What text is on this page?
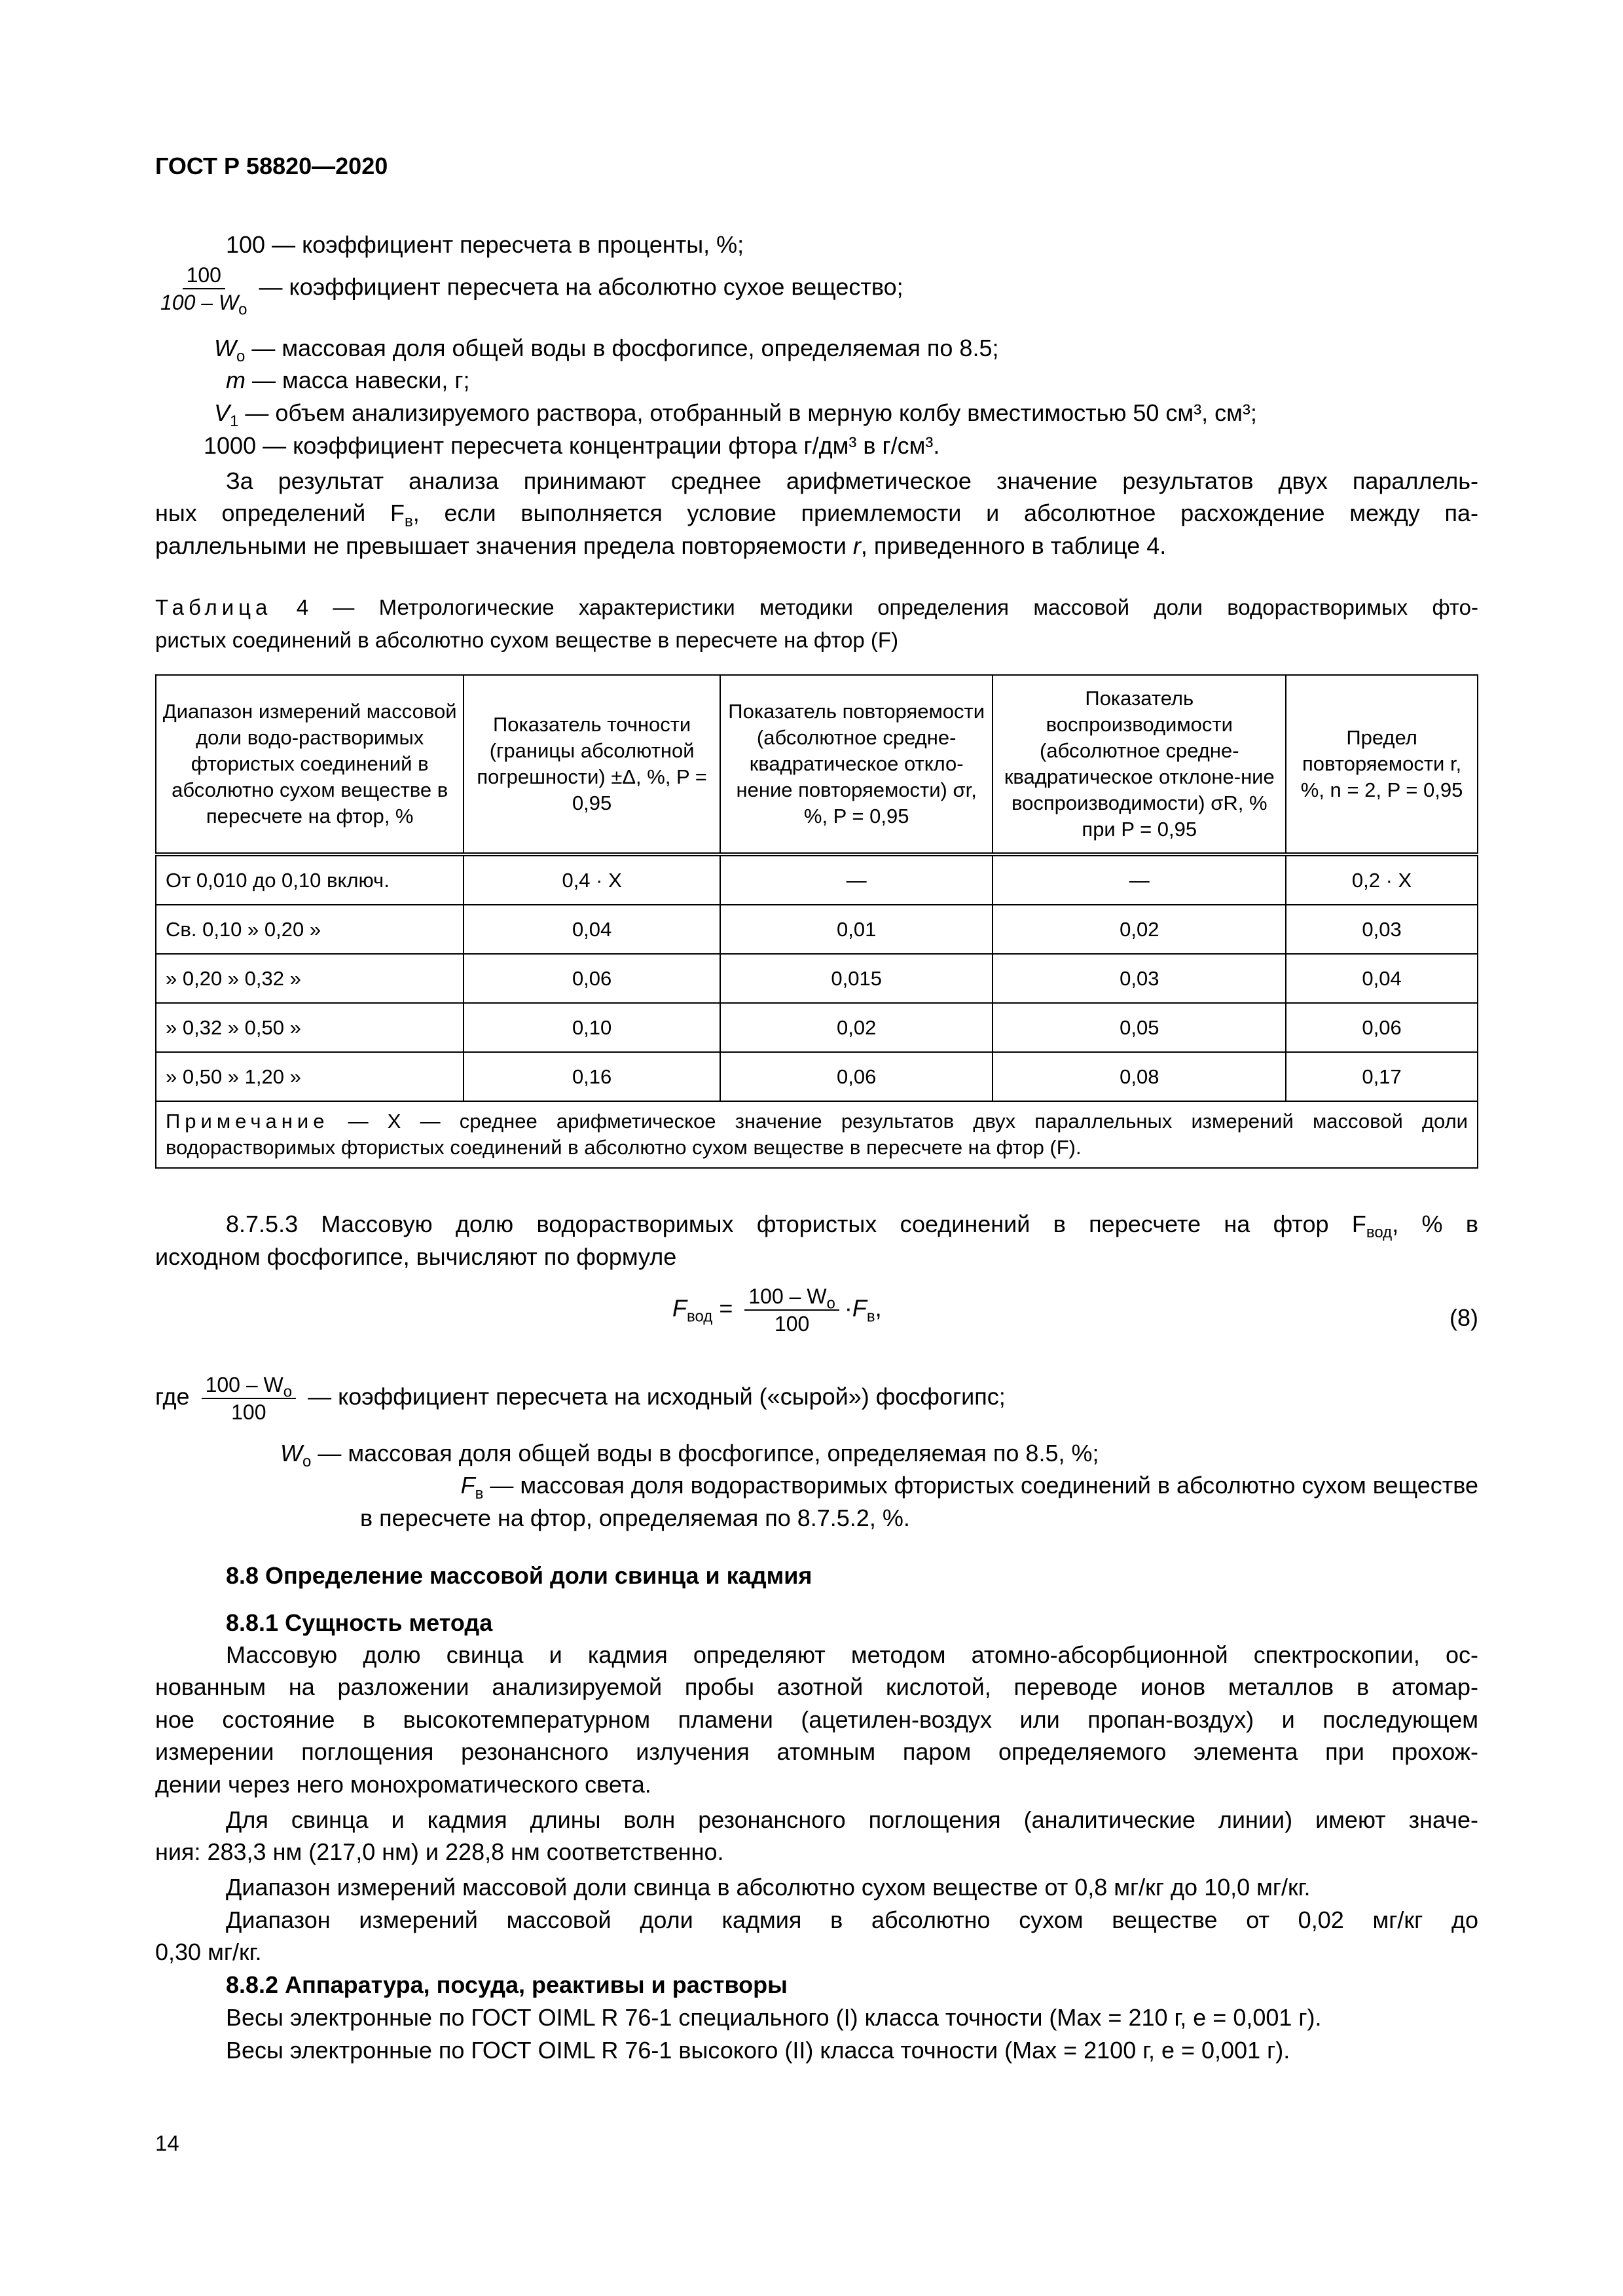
ГОСТ Р 58820—2020
100 — коэффициент пересчета в проценты, %;
$\frac{100}{100 - W_о}$ — коэффициент пересчета на абсолютно сухое вещество;
$W_о$ — массовая доля общей воды в фосфогипсе, определяемая по 8.5;
m — масса навески, г;
$V_1$ — объем анализируемого раствора, отобранный в мерную колбу вместимостью 50 см³, см³;
1000 — коэффициент пересчета концентрации фтора г/дм³ в г/см³.
За результат анализа принимают среднее арифметическое значение результатов двух параллель-
ных определений $F_в$, если выполняется условие приемлемости и абсолютное расхождение между па-
раллельными не превышает значения предела повторяемости r, приведенного в таблице 4.
Таблица 4 — Метрологические характеристики методики определения массовой доли водорастворимых фто-
ристых соединений в абсолютно сухом веществе в пересчете на фтор (F)
Диапазон измерений массовой доли водо-растворимых фтористых соединений в абсолютно сухом веществе в пересчете на фтор, %	Показатель точности (границы абсолютной погрешности) ±Δ, %, P = 0,95	Показатель повторяемости (абсолютное средне-квадратическое откло-нение повторяемости) σr, %, P = 0,95	Показатель воспроизводимости (абсолютное средне-квадратическое отклоне-ние воспроизводимости) σR, % при P = 0,95	Предел повторяемости r, %, n = 2, P = 0,95
От 0,010 до 0,10 включ.	0,4 · X	—	—	0,2 · X
Св. 0,10 » 0,20 »	0,04	0,01	0,02	0,03
» 0,20 » 0,32 »	0,06	0,015	0,03	0,04
» 0,32 » 0,50 »	0,10	0,02	0,05	0,06
» 0,50 » 1,20 »	0,16	0,06	0,08	0,17
Примечание — X — среднее арифметическое значение результатов двух параллельных измерений массовой доли водорастворимых фтористых соединений в абсолютно сухом веществе в пересчете на фтор (F).				
8.7.5.3 Массовую долю водорастворимых фтористых соединений в пересчете на фтор $F_{вод}$, % в
исходном фосфогипсе, вычисляют по формуле
$F_{вод} = \frac{100 - W_о}{100} \cdot F_в$,	(8)
где $\frac{100 - W_о}{100}$ — коэффициент пересчета на исходный («сырой») фосфогипс;
$W_о$ — массовая доля общей воды в фосфогипсе, определяемая по 8.5, %;
$F_в$ — массовая доля водорастворимых фтористых соединений в абсолютно сухом веществе
в пересчете на фтор, определяемая по 8.7.5.2, %.
8.8 Определение массовой доли свинца и кадмия
8.8.1 Сущность метода
Массовую долю свинца и кадмия определяют методом атомно-абсорбционной спектроскопии, ос-
нованным на разложении анализируемой пробы азотной кислотой, переводе ионов металлов в атомар-
ное состояние в высокотемпературном пламени (ацетилен-воздух или пропан-воздух) и последующем
измерении поглощения резонансного излучения атомным паром определяемого элемента при прохож-
дении через него монохроматического света.
Для свинца и кадмия длины волн резонансного поглощения (аналитические линии) имеют значе-
ния: 283,3 нм (217,0 нм) и 228,8 нм соответственно.
Диапазон измерений массовой доли свинца в абсолютно сухом веществе от 0,8 мг/кг до 10,0 мг/кг.
Диапазон измерений массовой доли кадмия в абсолютно сухом веществе от 0,02 мг/кг до
0,30 мг/кг.
8.8.2 Аппаратура, посуда, реактивы и растворы
Весы электронные по ГОСТ OIML R 76-1 специального (I) класса точности (Max = 210 г, e = 0,001 г).
Весы электронные по ГОСТ OIML R 76-1 высокого (II) класса точности (Max = 2100 г, e = 0,001 г).
14
